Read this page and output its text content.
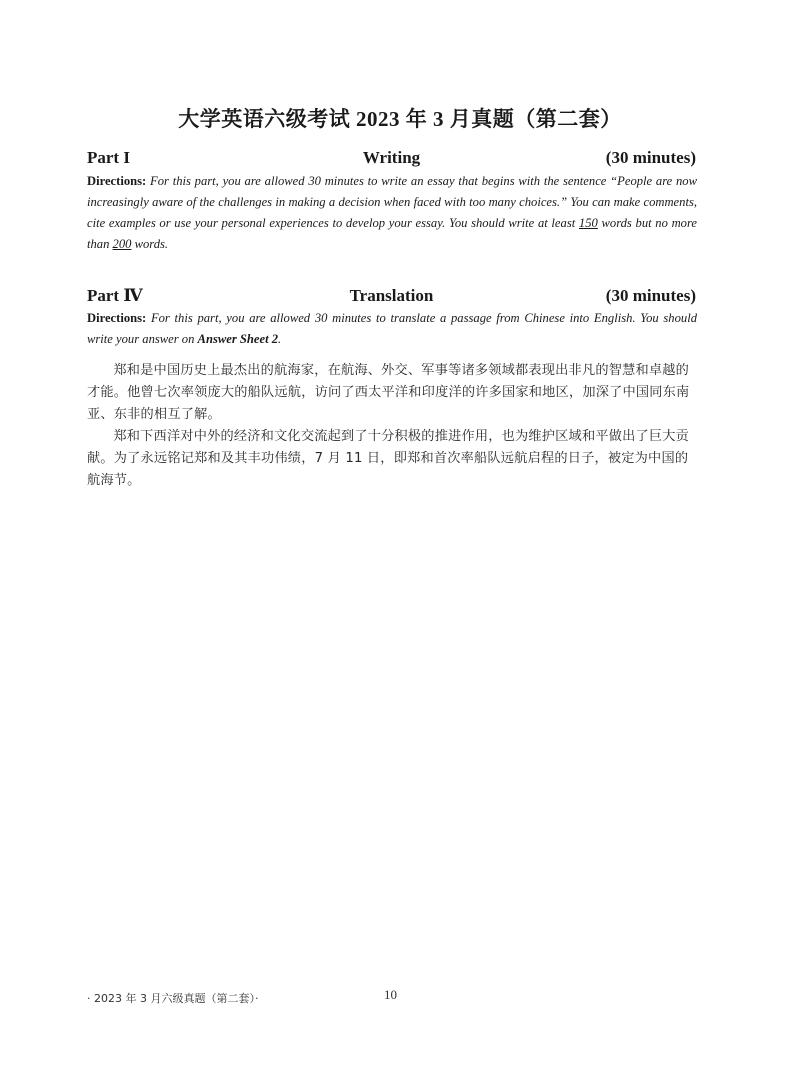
大学英语六级考试 2023 年 3 月真题（第二套）
Part I	Writing	(30 minutes)
Directions: For this part, you are allowed 30 minutes to write an essay that begins with the sentence “People are now increasingly aware of the challenges in making a decision when faced with too many choices.” You can make comments, cite examples or use your personal experiences to develop your essay. You should write at least 150 words but no more than 200 words.
Part Ⅳ	Translation	(30 minutes)
Directions: For this part, you are allowed 30 minutes to translate a passage from Chinese into English. You should write your answer on Answer Sheet 2.

郑和是中国历史上最杰出的航海家，在航海、外交、军事等诸多领域都表现出非凡的智慧和卓越的才能。他曾七次率领庞大的船队远航，访问了西太平洋和印度洋的许多国家和地区，加深了中国同东南亚、东非的相互了解。

郑和下西洋对中外的经济和文化交流起到了十分积极的推进作用，也为维护区域和平做出了巨大贡献。为了永远铭记郑和及其丰功伟绩，7 月 11 日，即郑和首次率船队远航启程的日子，被定为中国的航海节。

· 2023 年 3 月六级真题（第二套）·	10
